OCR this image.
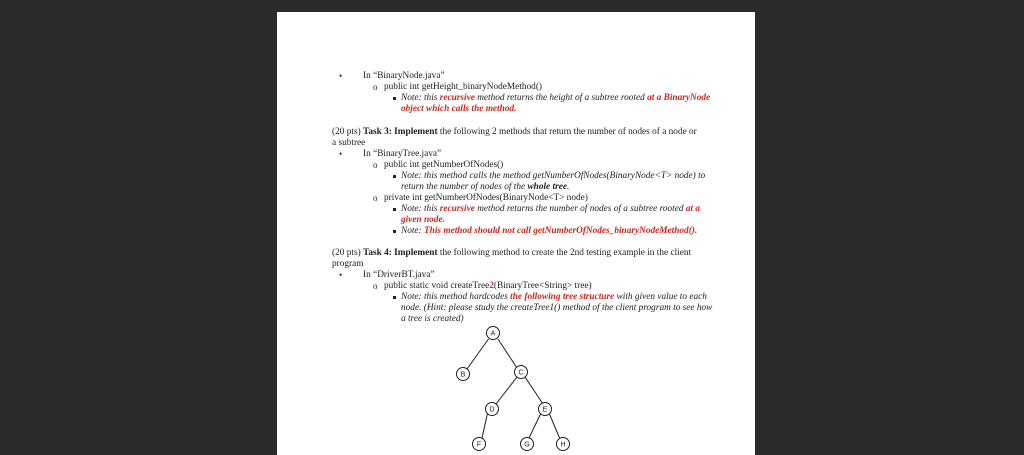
• In “BinaryNode.java”
o public int getHeight_binaryNodeMethod()
Note: this recursive method returns the height of a subtree rooted at a BinaryNode
object which calls the method.
(20 pts) Task 3: Implement the following 2 methods that return the number of nodes of a node or
a subtree
• In “BinaryTree.java”
o public int getNumberOfNodes()
Note: this method calls the method getNumberOfNodes(BinaryNode<T> node) to
return the number of nodes of the whole tree.
o private int getNumberOfNodes(BinaryNode<T> node)
Note: this recursive method returns the number of nodes of a subtree rooted at a
given node.
Note: This method should not call getNumberOfNodes_binaryNodeMethod().
(20 pts) Task 4: Implement the following method to create the 2nd testing example in the client
program
• In “DriverBT.java”
o public static void createTree2(BinaryTree<String> tree)
Note: this method hardcodes the following tree structure with given value to each
node. (Hint: please study the createTree1() method of the client program to see how
a tree is created)
A
B	C
D	E
F	G	H
